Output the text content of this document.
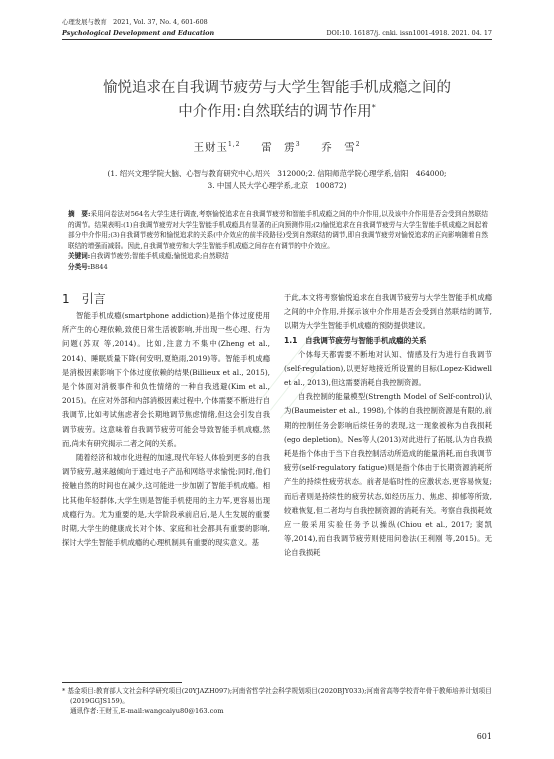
心理发展与教育　2021, Vol. 37, No. 4, 601-608
Psychological Development and Education	DOI:10. 16187/j. cnki. issn1001-4918. 2021. 04. 17
愉悦追求在自我调节疲劳与大学生智能手机成瘾之间的
中介作用:自然联结的调节作用*
王财玉$^{1,2}$ 雷　雳$^3$ 乔　雪$^2$
(1. 绍兴文理学院大脑、心智与教育研究中心,绍兴　312000;2. 信阳师范学院心理学系,信阳　464000;
3. 中国人民大学心理学系,北京　100872)

摘　要:采用问卷法对564名大学生进行调查,考察愉悦追求在自我调节疲劳和智能手机成瘾之间的中介作用,以及该中介作用是否会受到自然联结的调节。结果表明:(1)自我调节疲劳对大学生智能手机成瘾具有显著的正向预测作用;(2)愉悦追求在自我调节疲劳与大学生智能手机成瘾之间起着部分中介作用;(3)自我调节疲劳和愉悦追求的关系(中介效应的前半段路径)受到自然联结的调节,即自我调节疲劳对愉悦追求的正向影响随着自然联结的增强而减弱。因此,自我调节疲劳和大学生智能手机成瘾之间存在有调节的中介效应。

关键词:自我调节疲劳;智能手机成瘾;愉悦追求;自然联结

分类号:B844

1　引言

智能手机成瘾(smartphone addiction)是指个体过度使用所产生的心理依赖,致使日常生活被影响,并出现一些心理、行为问题(苏双 等,2014)。比如,注意力不集中(Zheng et al., 2014)、睡眠质量下降(何安明,夏艳雨,2019)等。智能手机成瘾是消极因素影响下个体过度依赖的结果(Billieux et al., 2015),是个体面对消极事件和负性情绪的一种自我逃避(Kim et al., 2015)。在应对外部和内部消极因素过程中,个体需要不断进行自我调节,比如考试焦虑者会长期地调节焦虑情绪,但这会引发自我调节疲劳。这意味着自我调节疲劳可能会导致智能手机成瘾,然而,尚未有研究揭示二者之间的关系。

随着经济和城市化进程的加速,现代年轻人体验到更多的自我调节疲劳,越来越倾向于通过电子产品和网络寻求愉悦;同时,他们接触自然的时间也在减少,这可能进一步加剧了智能手机成瘾。相比其他年轻群体,大学生则是智能手机使用的主力军,更容易出现成瘾行为。尤为重要的是,大学阶段承前启后,是人生发展的重要时期,大学生的健康成长对个体、家庭和社会都具有重要的影响,探讨大学生智能手机成瘾的心理机制具有重要的现实意义。基

于此,本文将考察愉悦追求在自我调节疲劳与大学生智能手机成瘾之间的中介作用,并探示该中介作用是否会受到自然联结的调节,以期为大学生智能手机成瘾的预防提供建议。

1.1　自我调节疲劳与智能手机成瘾的关系

个体每天都需要不断地对认知、情感及行为进行自我调节(self-regulation),以更好地接近所设置的目标(Lopez-Kidwell et al., 2013),但这需要消耗自我控制资源。

自我控制的能量模型(Strength Model of Self-control)认为(Baumeister et al., 1998),个体的自我控制资源是有限的,前期的控制任务会影响后续任务的表现,这一现象被称为自我损耗(ego depletion)。Nes等人(2013)对此进行了拓展,认为自我损耗是指个体由于当下自我控制活动所造成的能量消耗,而自我调节疲劳(self-regulatory fatigue)则是指个体由于长期资源消耗所产生的持续性疲劳状态。前者是临时性的应激状态,更容易恢复;而后者则是持续性的疲劳状态,如经历压力、焦虑、抑郁等所致,较难恢复,但二者均与自我控制资源的消耗有关。考察自我损耗效应一般采用实验任务予以操纵(Chiou et al., 2017; 窦凯 等,2014),而自我调节疲劳则使用问卷法(王利刚 等,2015)。无论自我损耗

* 基金项目:教育部人文社会科学研究项目(20YJAZH097);河南省哲学社会科学规划项目(2020BJY033);河南省高等学校青年骨干教师培养计划项目(2019GGJS159)。
通讯作者:王财玉,E-mail:wangcaiyu80@163.com
601
